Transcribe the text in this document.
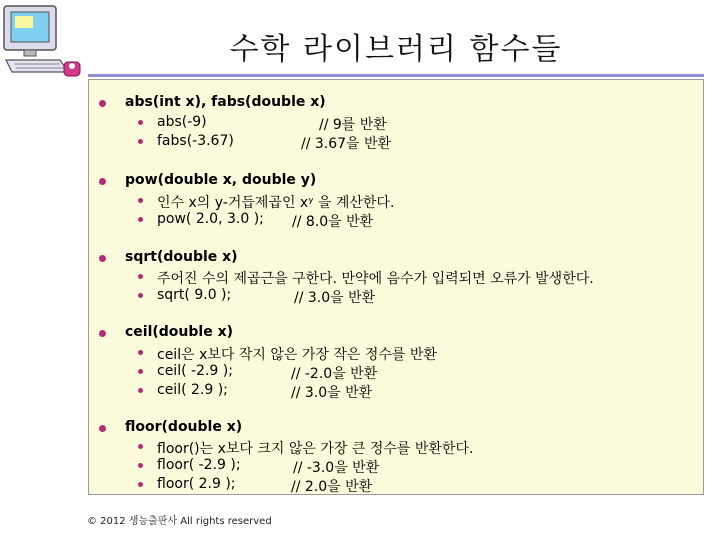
수학 라이브러리 함수들
abs(int x), fabs(double x)
abs(-9)	// 9를 반환
fabs(-3.67)	// 3.67을 반환
pow(double x, double y)
인수 x의 y-거듭제곱인 xʸ 을 계산한다.
pow( 2.0, 3.0 ); // 8.0을 반환
sqrt(double x)
주어진 수의 제곱근을 구한다. 만약에 음수가 입력되면 오류가 발생한다.
sqrt( 9.0 );	// 3.0을 반환
ceil(double x)
ceil은 x보다 작지 않은 가장 작은 정수를 반환
ceil( -2.9 );	// -2.0을 반환
ceil( 2.9 );	// 3.0을 반환
floor(double x)
floor()는 x보다 크지 않은 가장 큰 정수를 반환한다.
floor( -2.9 );	// -3.0을 반환
floor( 2.9 );	// 2.0을 반환
© 2012 생능출판사 All rights reserved
